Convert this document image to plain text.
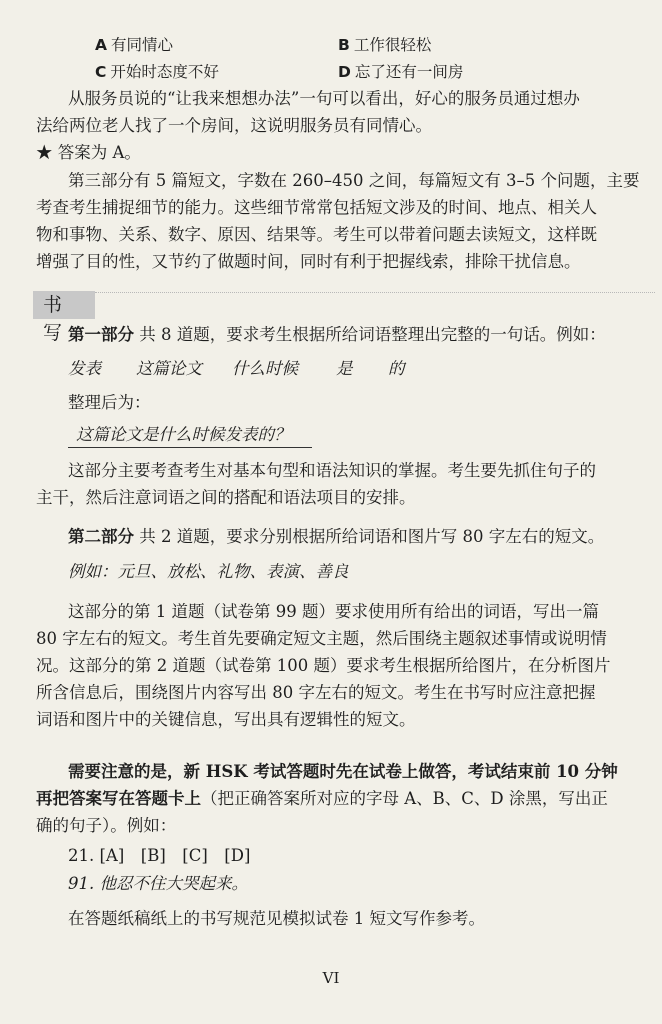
A 有同情心	B 工作很轻松
C 开始时态度不好	D 忘了还有一间房
从服务员说的“让我来想想办法”一句可以看出，好心的服务员通过想办
法给两位老人找了一个房间，这说明服务员有同情心。
★ 答案为 A。
第三部分有 5 篇短文，字数在 260–450 之间，每篇短文有 3–5 个问题，主要
考查考生捕捉细节的能力。这些细节常常包括短文涉及的时间、地点、相关人
物和事物、关系、数字、原因、结果等。考生可以带着问题去读短文，这样既
增强了目的性，又节约了做题时间，同时有利于把握线索，排除干扰信息。
书写
第一部分 共 8 道题，要求考生根据所给词语整理出完整的一句话。例如：
发表 这篇论文 什么时候 是 的
整理后为：
这篇论文是什么时候发表的？
这部分主要考查考生对基本句型和语法知识的掌握。考生要先抓住句子的
主干，然后注意词语之间的搭配和语法项目的安排。
第二部分 共 2 道题，要求分别根据所给词语和图片写 80 字左右的短文。
例如：元旦、放松、礼物、表演、善良
这部分的第 1 道题（试卷第 99 题）要求使用所有给出的词语，写出一篇
80 字左右的短文。考生首先要确定短文主题，然后围绕主题叙述事情或说明情
况。这部分的第 2 道题（试卷第 100 题）要求考生根据所给图片，在分析图片
所含信息后，围绕图片内容写出 80 字左右的短文。考生在书写时应注意把握
词语和图片中的关键信息，写出具有逻辑性的短文。
需要注意的是，新 HSK 考试答题时先在试卷上做答，考试结束前 10 分钟
再把答案写在答题卡上（把正确答案所对应的字母 A、B、C、D 涂黑，写出正
确的句子）。例如：
21. [A]　[B]　[C]　[D]
91. 他忍不住大哭起来。
在答题纸稿纸上的书写规范见模拟试卷 1 短文写作参考。
VI
